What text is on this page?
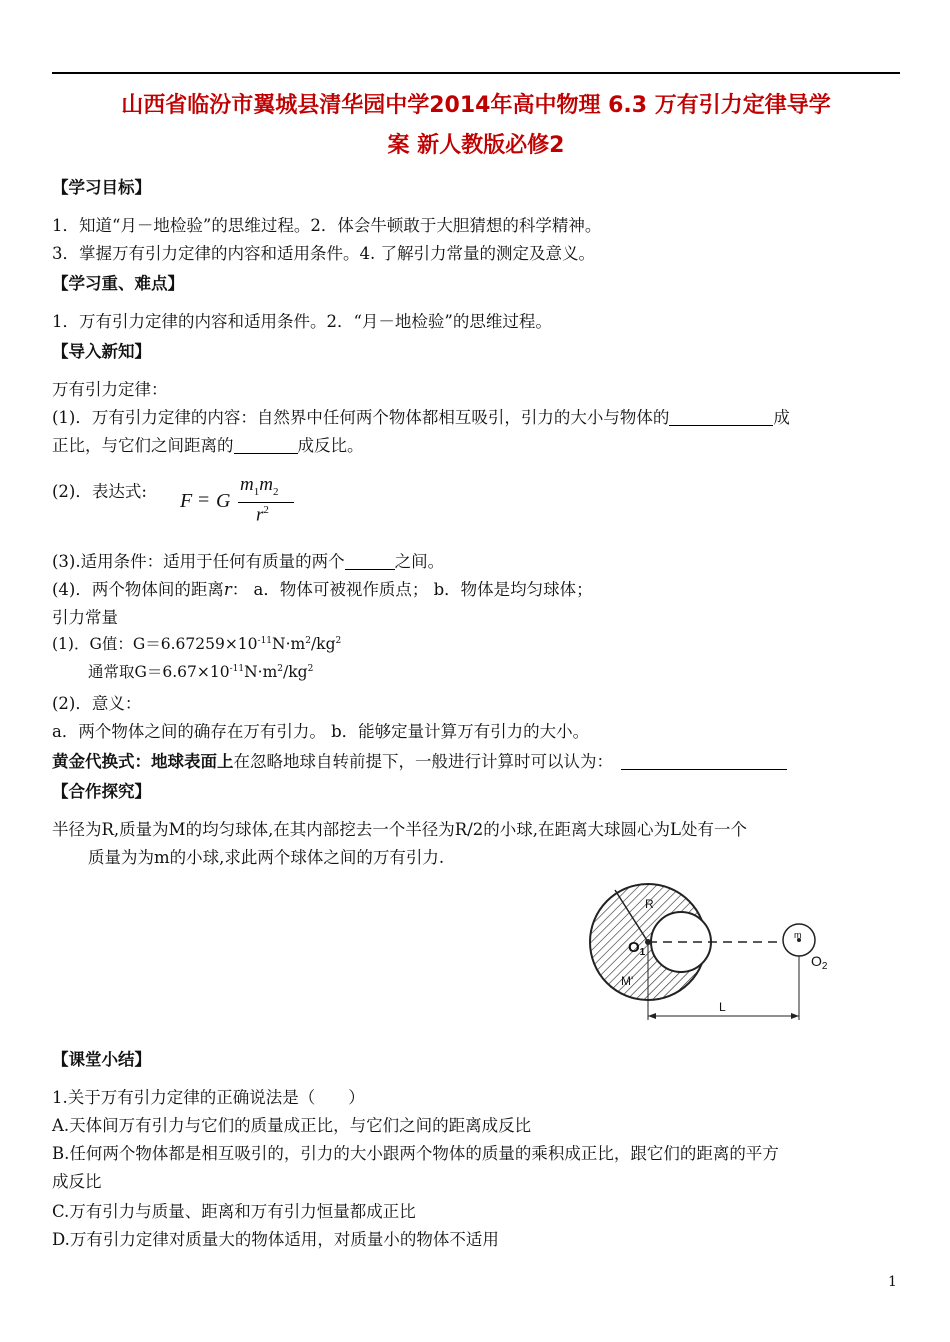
山西省临汾市翼城县清华园中学2014年高中物理 6.3 万有引力定律导学
案 新人教版必修2
【学习目标】
1．知道“月－地检验”的思维过程。2．体会牛顿敢于大胆猜想的科学精神。
3．掌握万有引力定律的内容和适用条件。4. 了解引力常量的测定及意义。
【学习重、难点】
1．万有引力定律的内容和适用条件。2．“月－地检验”的思维过程。
【导入新知】
万有引力定律：
(1)．万有引力定律的内容：自然界中任何两个物体都相互吸引，引力的大小与物体的	成
正比，与它们之间距离的	成反比。
(2)．表达式: F = G
$m_1m_2$
$r^2$
(3).适用条件：适用于任何有质量的两个	之间。
(4)．两个物体间的距离r： a．物体可被视作质点； b．物体是均匀球体；
引力常量
(1)．G值：$G=6.67259\times 10^{-11}N\cdot m^2/kg^2$
通常取$G=6.67\times 10^{-11}N\cdot m^2/kg^2$
(2)．意义：
a．两个物体之间的确存在万有引力。 b．能够定量计算万有引力的大小。
黄金代换式：地球表面上在忽略地球自转前提下，一般进行计算时可以认为：
【合作探究】
半径为R,质量为M的均匀球体,在其内部挖去一个半径为R/2的小球,在距离大球圆心为L处有一个
质量为为m的小球,求此两个球体之间的万有引力.
R
$O_1$
M'
m
$O_2$
L
【课堂小结】
1.关于万有引力定律的正确说法是（　　）
A.天体间万有引力与它们的质量成正比，与它们之间的距离成反比
B.任何两个物体都是相互吸引的，引力的大小跟两个物体的质量的乘积成正比，跟它们的距离的平方
成反比
C.万有引力与质量、距离和万有引力恒量都成正比
D.万有引力定律对质量大的物体适用，对质量小的物体不适用
1
